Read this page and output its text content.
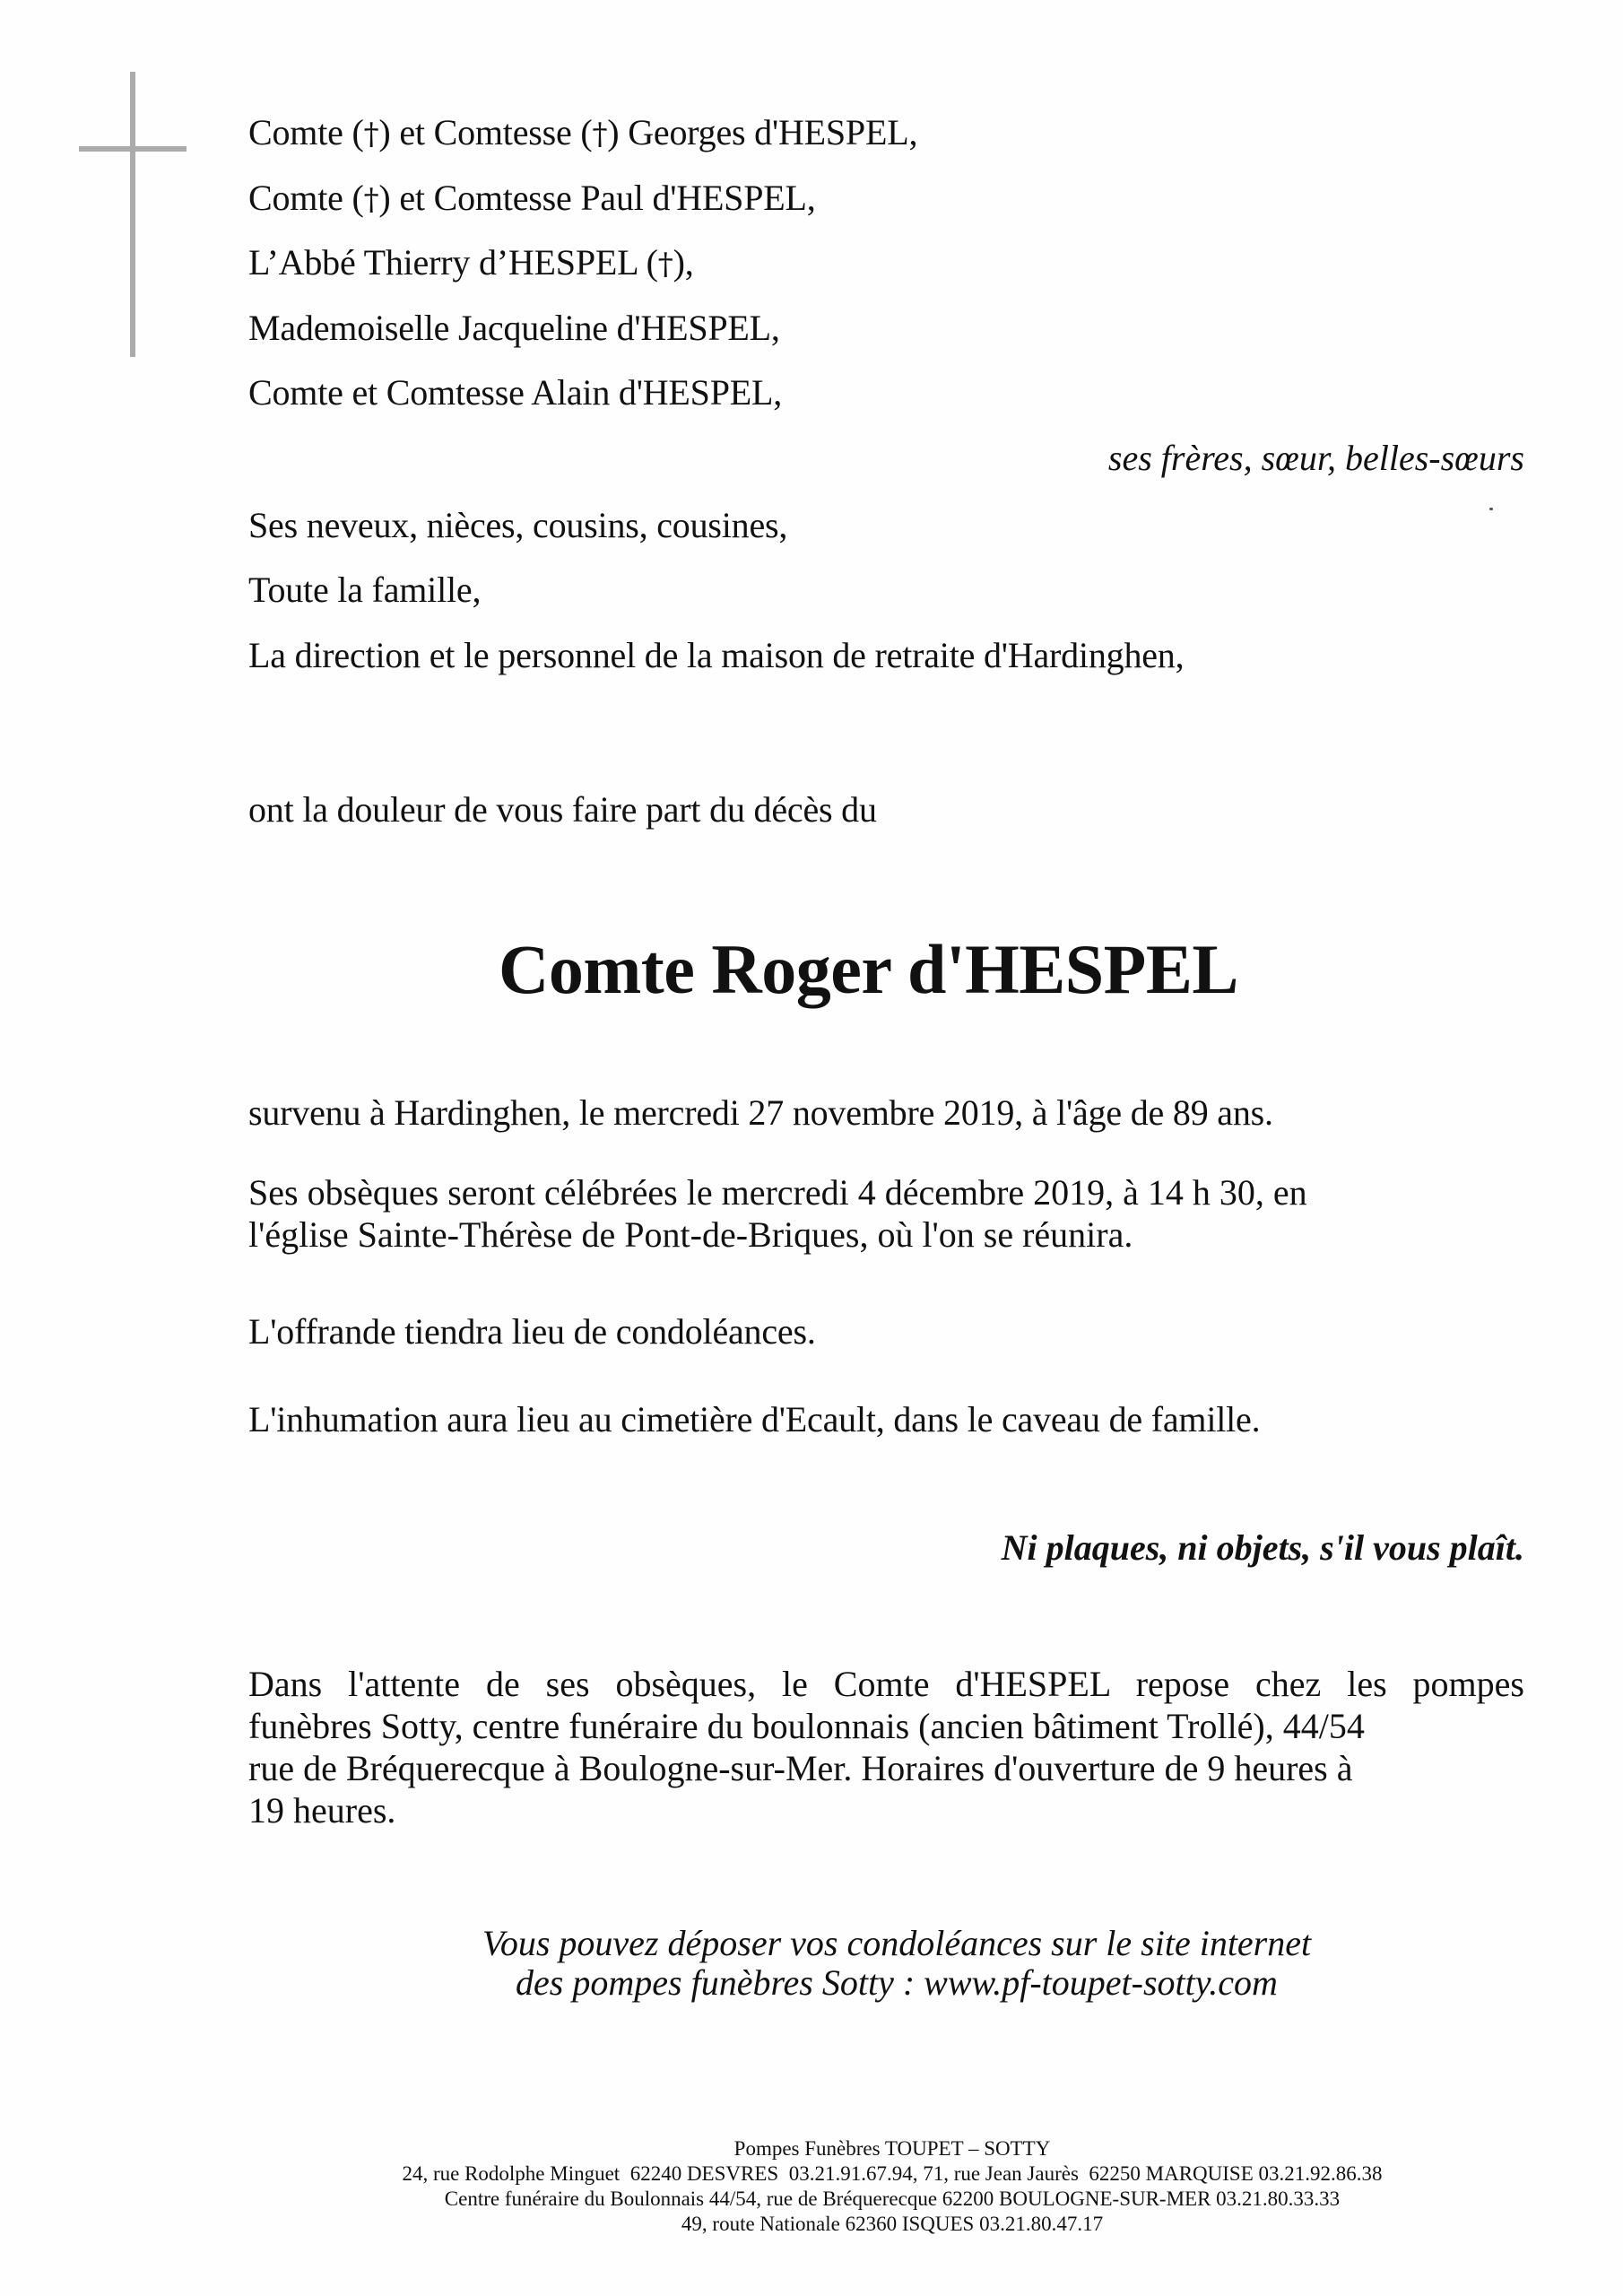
Comte (†) et Comtesse (†) Georges d'HESPEL,
Comte (†) et Comtesse Paul d'HESPEL,
L’Abbé Thierry d’HESPEL (†),
Mademoiselle Jacqueline d'HESPEL,
Comte et Comtesse Alain d'HESPEL,
ses frères, sœur, belles-sœurs
Ses neveux, nièces, cousins, cousines,
Toute la famille,
La direction et le personnel de la maison de retraite d'Hardinghen,
ont la douleur de vous faire part du décès du
Comte Roger d'HESPEL
survenu à Hardinghen, le mercredi 27 novembre 2019, à l'âge de 89 ans.
Ses obsèques seront célébrées le mercredi 4 décembre 2019, à 14 h 30, en
l'église Sainte-Thérèse de Pont-de-Briques, où l'on se réunira.
L'offrande tiendra lieu de condoléances.
L'inhumation aura lieu au cimetière d'Ecault, dans le caveau de famille.
Ni plaques, ni objets, s'il vous plaît.
Dans l'attente de ses obsèques, le Comte d'HESPEL repose chez les pompes
funèbres Sotty, centre funéraire du boulonnais (ancien bâtiment Trollé), 44/54
rue de Bréquerecque à Boulogne-sur-Mer. Horaires d'ouverture de 9 heures à
19 heures.
Vous pouvez déposer vos condoléances sur le site internet
des pompes funèbres Sotty : www.pf-toupet-sotty.com
Pompes Funèbres TOUPET – SOTTY
24, rue Rodolphe Minguet  62240 DESVRES  03.21.91.67.94, 71, rue Jean Jaurès  62250 MARQUISE 03.21.92.86.38
Centre funéraire du Boulonnais 44/54, rue de Bréquerecque 62200 BOULOGNE-SUR-MER 03.21.80.33.33
49, route Nationale 62360 ISQUES 03.21.80.47.17
